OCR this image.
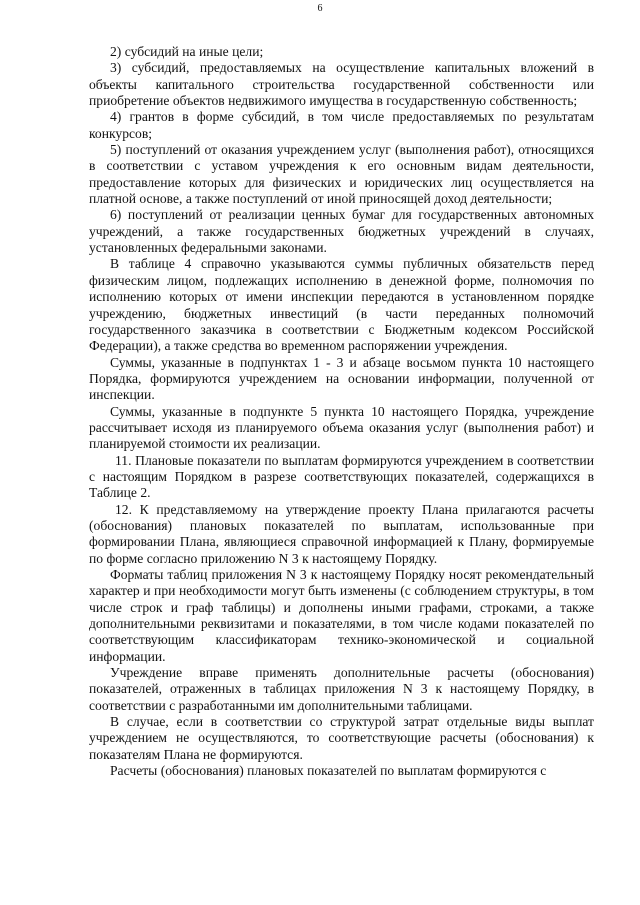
6

2) субсидий на иные цели;

3) субсидий, предоставляемых на осуществление капитальных вложений в объекты капитального строительства государственной собственности или приобретение объектов недвижимого имущества в государственную собственность;

4) грантов в форме субсидий, в том числе предоставляемых по результатам конкурсов;

5) поступлений от оказания учреждением услуг (выполнения работ), относящихся в соответствии с уставом учреждения к его основным видам деятельности, предоставление которых для физических и юридических лиц осуществляется на платной основе, а также поступлений от иной приносящей доход деятельности;

6) поступлений от реализации ценных бумаг для государственных автономных учреждений, а также государственных бюджетных учреждений в случаях, установленных федеральными законами.

В таблице 4 справочно указываются суммы публичных обязательств перед физическим лицом, подлежащих исполнению в денежной форме, полномочия по исполнению которых от имени инспекции передаются в установленном порядке учреждению, бюджетных инвестиций (в части переданных полномочий государственного заказчика в соответствии с Бюджетным кодексом Российской Федерации), а также средства во временном распоряжении учреждения.

Суммы, указанные в подпунктах 1 - 3 и абзаце восьмом пункта 10 настоящего Порядка, формируются учреждением на основании информации, полученной от инспекции.

Суммы, указанные в подпункте 5 пункта 10 настоящего Порядка, учреждение рассчитывает исходя из планируемого объема оказания услуг (выполнения работ) и планируемой стоимости их реализации.

11. Плановые показатели по выплатам формируются учреждением в соответствии с настоящим Порядком в разрезе соответствующих показателей, содержащихся в Таблице 2.

12. К представляемому на утверждение проекту Плана прилагаются расчеты (обоснования) плановых показателей по выплатам, использованные при формировании Плана, являющиеся справочной информацией к Плану, формируемые по форме согласно приложению N 3 к настоящему Порядку.

Форматы таблиц приложения N 3 к настоящему Порядку носят рекомендательный характер и при необходимости могут быть изменены (с соблюдением структуры, в том числе строк и граф таблицы) и дополнены иными графами, строками, а также дополнительными реквизитами и показателями, в том числе кодами показателей по соответствующим классификаторам технико-экономической и социальной информации.

Учреждение вправе применять дополнительные расчеты (обоснования) показателей, отраженных в таблицах приложения N 3 к настоящему Порядку, в соответствии с разработанными им дополнительными таблицами.

В случае, если в соответствии со структурой затрат отдельные виды выплат учреждением не осуществляются, то соответствующие расчеты (обоснования) к показателям Плана не формируются.

Расчеты (обоснования) плановых показателей по выплатам формируются с
